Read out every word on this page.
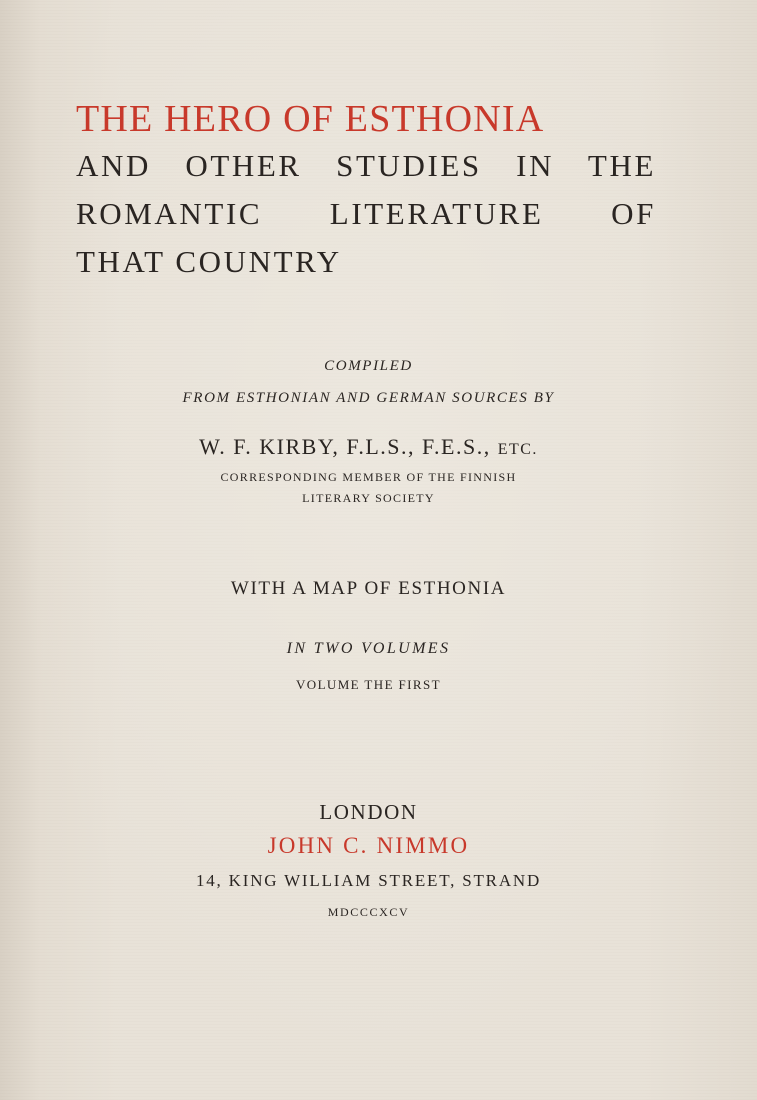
THE HERO OF ESTHONIA
AND OTHER STUDIES IN THE
ROMANTIC LITERATURE OF
THAT COUNTRY
COMPILED
FROM ESTHONIAN AND GERMAN SOURCES BY
W. F. KIRBY, F.L.S., F.E.S., ETC.
CORRESPONDING MEMBER OF THE FINNISH
LITERARY SOCIETY
WITH A MAP OF ESTHONIA
IN TWO VOLUMES
VOLUME THE FIRST
LONDON
JOHN C. NIMMO
14, KING WILLIAM STREET, STRAND
MDCCCXCV
